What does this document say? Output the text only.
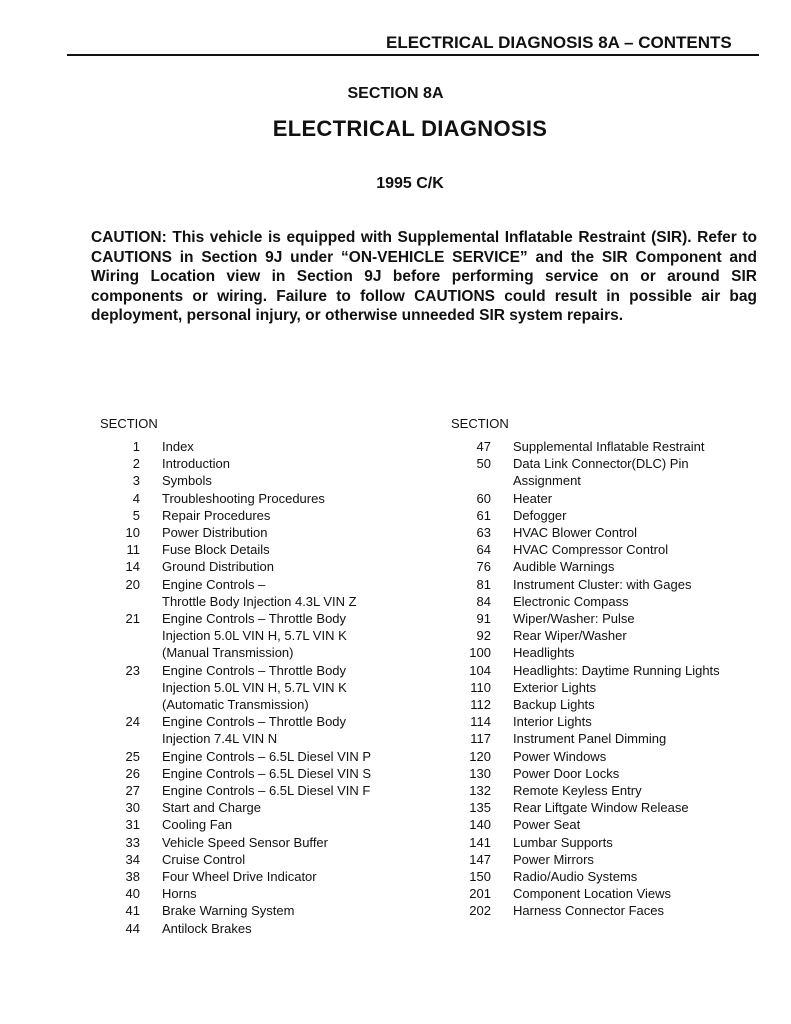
ELECTRICAL DIAGNOSIS 8A – CONTENTS
SECTION 8A
ELECTRICAL DIAGNOSIS
1995 C/K
CAUTION: This vehicle is equipped with Supplemental Inflatable Restraint (SIR). Refer to CAUTIONS in Section 9J under “ON-VEHICLE SERVICE” and the SIR Component and Wiring Location view in Section 9J before performing service on or around SIR components or wiring. Failure to follow CAUTIONS could result in possible air bag deployment, personal injury, or otherwise unneeded SIR system repairs.
SECTION
1	Index
2	Introduction
3	Symbols
4	Troubleshooting Procedures
5	Repair Procedures
10	Power Distribution
11	Fuse Block Details
14	Ground Distribution
20	Engine Controls –
Throttle Body Injection 4.3L VIN Z
21	Engine Controls – Throttle Body
Injection 5.0L VIN H, 5.7L VIN K
(Manual Transmission)
23	Engine Controls – Throttle Body
Injection 5.0L VIN H, 5.7L VIN K
(Automatic Transmission)
24	Engine Controls – Throttle Body
Injection 7.4L VIN N
25	Engine Controls – 6.5L Diesel VIN P
26	Engine Controls – 6.5L Diesel VIN S
27	Engine Controls – 6.5L Diesel VIN F
30	Start and Charge
31	Cooling Fan
33	Vehicle Speed Sensor Buffer
34	Cruise Control
38	Four Wheel Drive Indicator
40	Horns
41	Brake Warning System
44	Antilock Brakes
SECTION
47	Supplemental Inflatable Restraint
50	Data Link Connector(DLC) Pin
Assignment
60	Heater
61	Defogger
63	HVAC Blower Control
64	HVAC Compressor Control
76	Audible Warnings
81	Instrument Cluster: with Gages
84	Electronic Compass
91	Wiper/Washer: Pulse
92	Rear Wiper/Washer
100	Headlights
104	Headlights: Daytime Running Lights
110	Exterior Lights
112	Backup Lights
114	Interior Lights
117	Instrument Panel Dimming
120	Power Windows
130	Power Door Locks
132	Remote Keyless Entry
135	Rear Liftgate Window Release
140	Power Seat
141	Lumbar Supports
147	Power Mirrors
150	Radio/Audio Systems
201	Component Location Views
202	Harness Connector Faces
